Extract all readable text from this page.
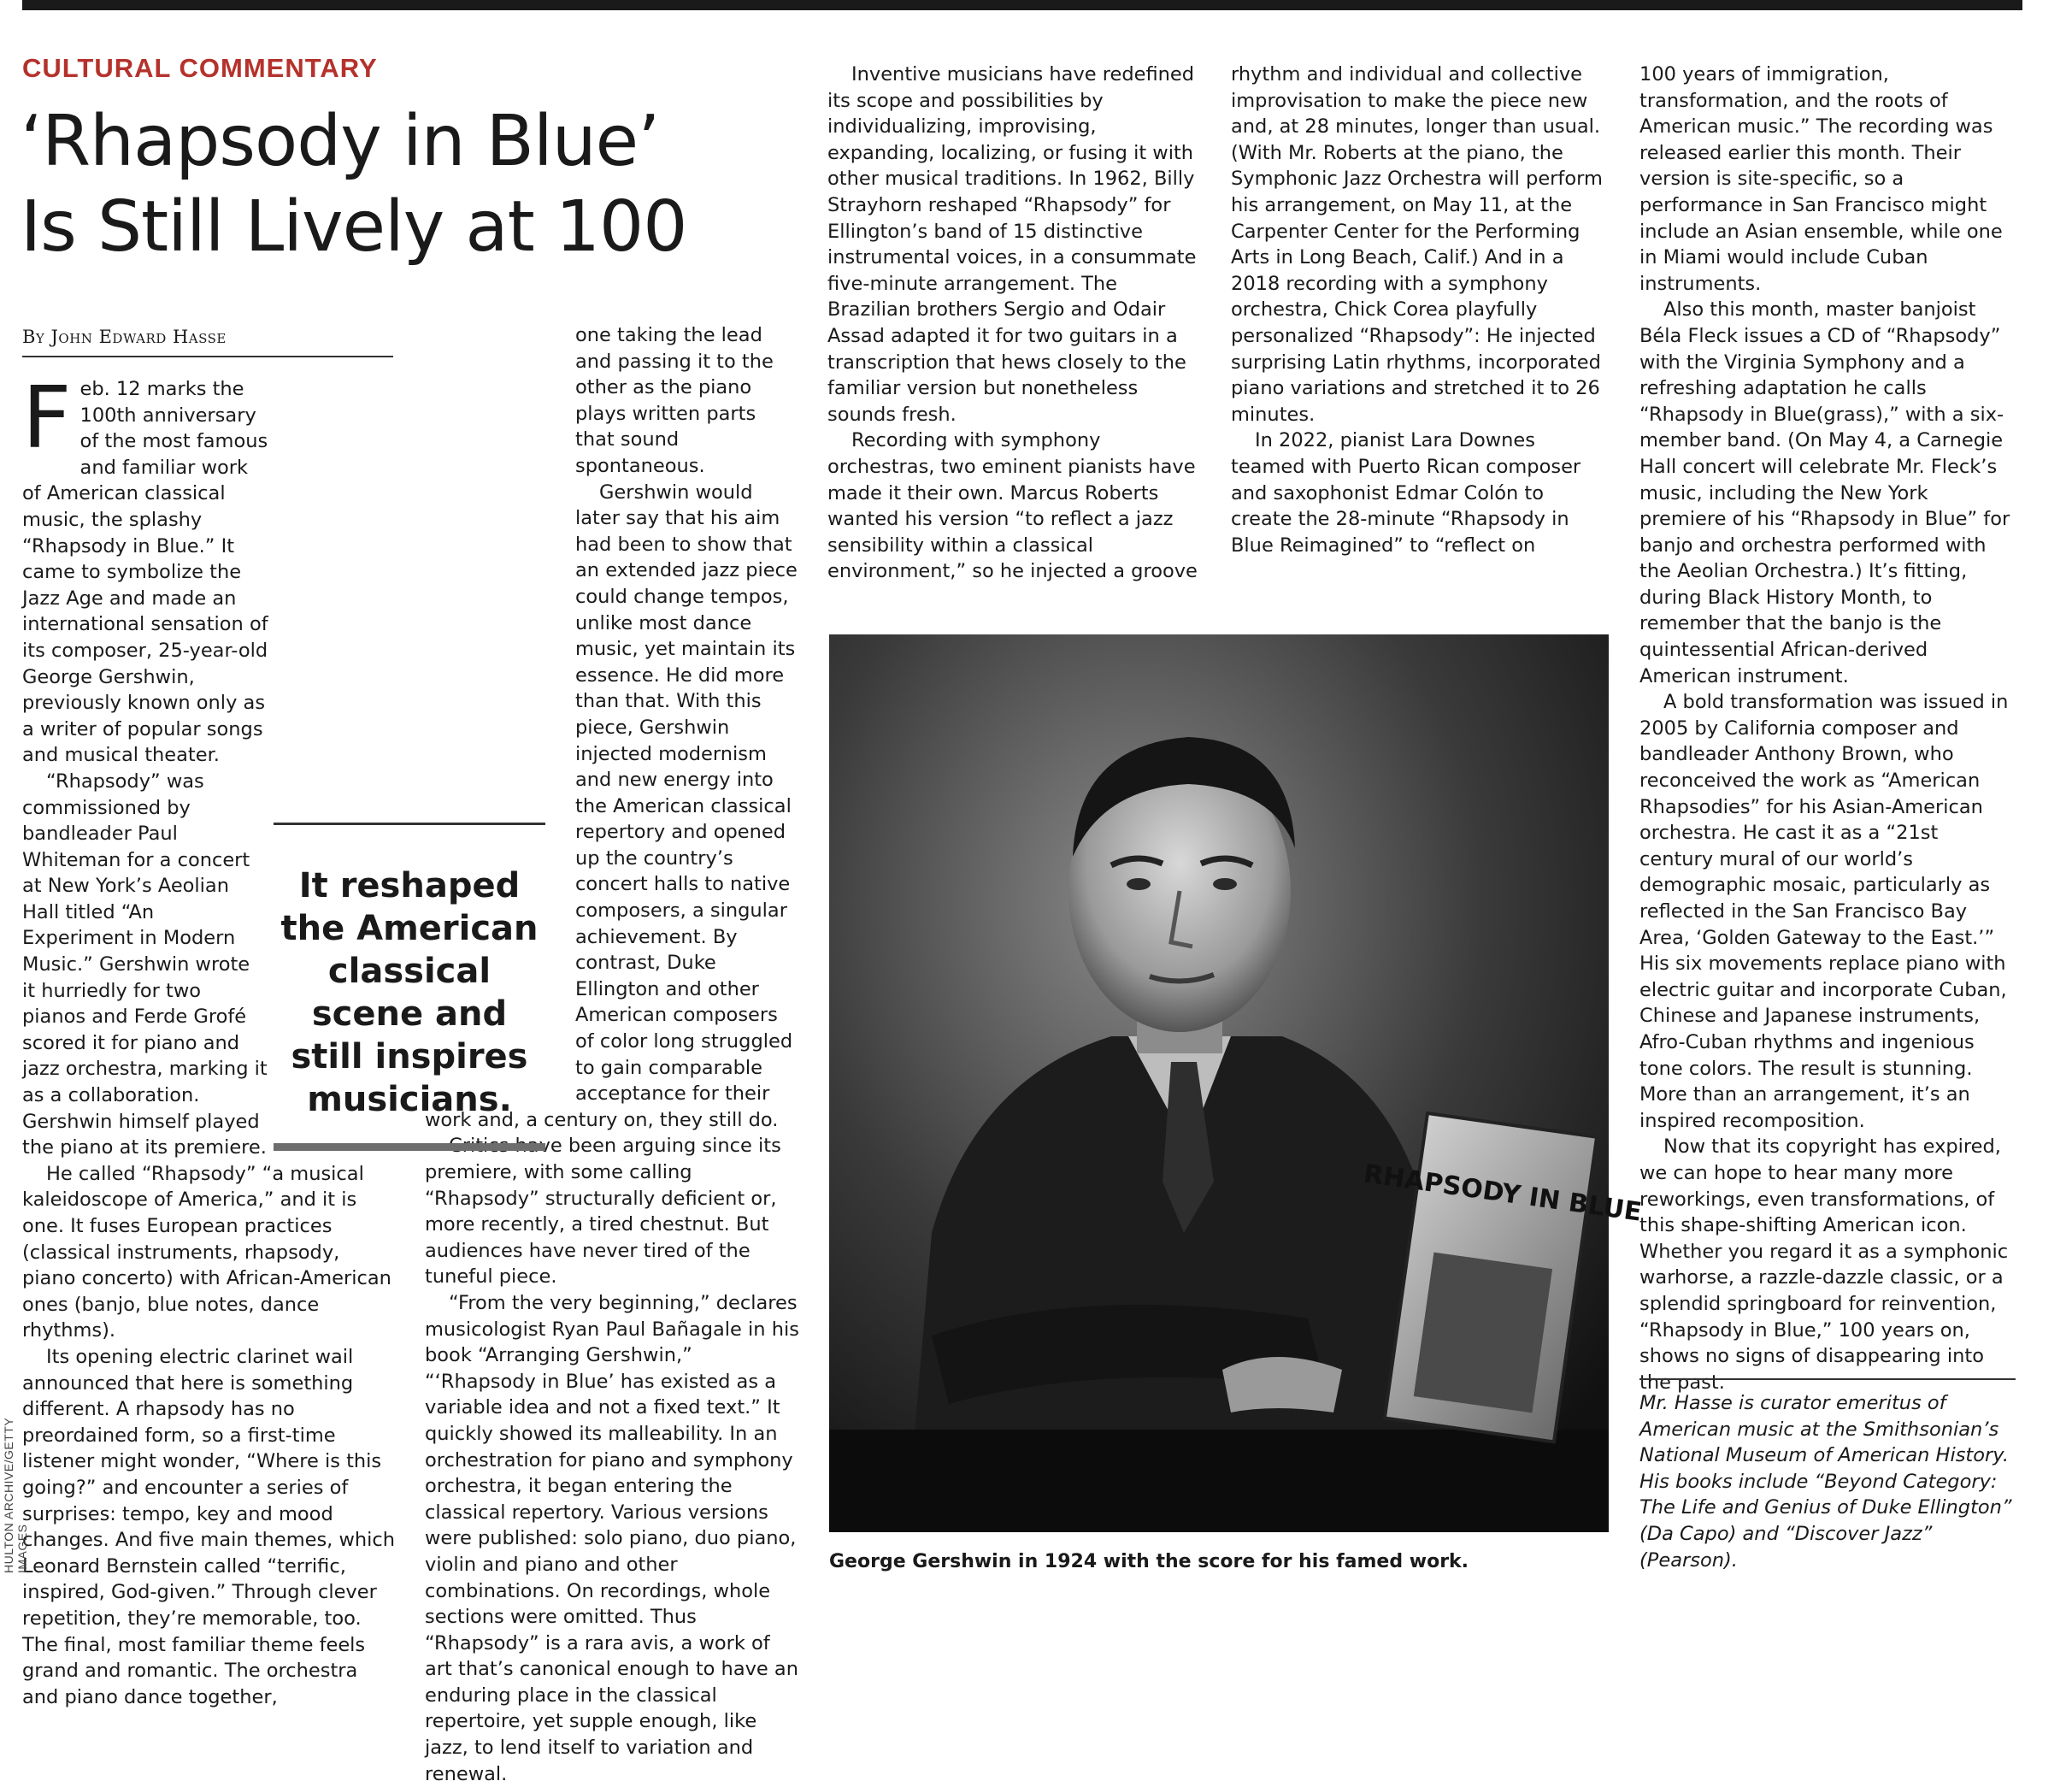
CULTURAL COMMENTARY
‘Rhapsody in Blue’
Is Still Lively at 100
By John Edward Hasse

Feb. 12 marks the 100th anniversary of the most famous and familiar work of American classical music, the splashy “Rhapsody in Blue.” It came to symbolize the Jazz Age and made an international sensation of its composer, 25-year-old George Gershwin, previously known only as a writer of popular songs and musical theater.

“Rhapsody” was commissioned by bandleader Paul Whiteman for a concert at New York’s Aeolian Hall titled “An Experiment in Modern Music.” Gershwin wrote it hurriedly for two pianos and Ferde Grofé scored it for piano and jazz orchestra, marking it as a collaboration. Gershwin himself played the piano at its premiere.

He called “Rhapsody” “a musical kaleidoscope of America,” and it is one. It fuses European practices (classical instruments, rhapsody, piano concerto) with African-American ones (banjo, blue notes, dance rhythms).

Its opening electric clarinet wail announced that here is something different. A rhapsody has no preordained form, so a first-time listener might wonder, “Where is this going?” and encounter a series of surprises: tempo, key and mood changes. And five main themes, which Leonard Bernstein called “terrific, inspired, God-given.” Through clever repetition, they’re memorable, too. The final, most familiar theme feels grand and romantic. The orchestra and piano dance together,

one taking the lead and passing it to the other as the piano plays written parts that sound spontaneous.

Gershwin would later say that his aim had been to show that an extended jazz piece could change tempos, unlike most dance music, yet maintain its essence. He did more than that. With this piece, Gershwin injected modernism and new energy into the American classical repertory and opened up the country’s concert halls to native composers, a singular achievement. By contrast, Duke Ellington and other American composers of color long struggled to gain comparable acceptance for their work and, a century on, they still do.

Critics have been arguing since its premiere, with some calling “Rhapsody” structurally deficient or, more recently, a tired chestnut. But audiences have never tired of the tuneful piece.

“From the very beginning,” declares musicologist Ryan Paul Bañagale in his book “Arranging Gershwin,” “‘Rhapsody in Blue’ has existed as a variable idea and not a fixed text.” It quickly showed its malleability. In an orchestration for piano and symphony orchestra, it began entering the classical repertory. Various versions were published: solo piano, duo piano, violin and piano and other combinations. On recordings, whole sections were omitted. Thus “Rhapsody” is a rara avis, a work of art that’s canonical enough to have an enduring place in the classical repertoire, yet supple enough, like jazz, to lend itself to variation and renewal.

It reshaped the American classical scene and still inspires musicians.

Inventive musicians have redefined its scope and possibilities by individualizing, improvising, expanding, localizing, or fusing it with other musical traditions. In 1962, Billy Strayhorn reshaped “Rhapsody” for Ellington’s band of 15 distinctive instrumental voices, in a consummate five-minute arrangement. The Brazilian brothers Sergio and Odair Assad adapted it for two guitars in a transcription that hews closely to the familiar version but nonetheless sounds fresh.

Recording with symphony orchestras, two eminent pianists have made it their own. Marcus Roberts wanted his version “to reflect a jazz sensibility within a classical environment,” so he injected a groove

rhythm and individual and collective improvisation to make the piece new and, at 28 minutes, longer than usual. (With Mr. Roberts at the piano, the Symphonic Jazz Orchestra will perform his arrangement, on May 11, at the Carpenter Center for the Performing Arts in Long Beach, Calif.) And in a 2018 recording with a symphony orchestra, Chick Corea playfully personalized “Rhapsody”: He injected surprising Latin rhythms, incorporated piano variations and stretched it to 26 minutes.

In 2022, pianist Lara Downes teamed with Puerto Rican composer and saxophonist Edmar Colón to create the 28-minute “Rhapsody in Blue Reimagined” to “reflect on

100 years of immigration, transformation, and the roots of American music.” The recording was released earlier this month. Their version is site-specific, so a performance in San Francisco might include an Asian ensemble, while one in Miami would include Cuban instruments.

Also this month, master banjoist Béla Fleck issues a CD of “Rhapsody” with the Virginia Symphony and a refreshing adaptation he calls “Rhapsody in Blue(grass),” with a six-member band. (On May 4, a Carnegie Hall concert will celebrate Mr. Fleck’s music, including the New York premiere of his “Rhapsody in Blue” for banjo and orchestra performed with the Aeolian Orchestra.) It’s fitting, during Black History Month, to remember that the banjo is the quintessential African-derived American instrument.

A bold transformation was issued in 2005 by California composer and bandleader Anthony Brown, who reconceived the work as “American Rhapsodies” for his Asian-American orchestra. He cast it as a “21st century mural of our world’s demographic mosaic, particularly as reflected in the San Francisco Bay Area, ‘Golden Gateway to the East.’” His six movements replace piano with electric guitar and incorporate Cuban, Chinese and Japanese instruments, Afro-Cuban rhythms and ingenious tone colors. The result is stunning. More than an arrangement, it’s an inspired recomposition.

Now that its copyright has expired, we can hope to hear many more reworkings, even transformations, of this shape-shifting American icon. Whether you regard it as a symphonic warhorse, a razzle-dazzle classic, or a splendid springboard for reinvention, “Rhapsody in Blue,” 100 years on, shows no signs of disappearing into the past.

RHAPSODY IN BLUE
George Gershwin in 1924 with the score for his famed work.
HULTON ARCHIVE/GETTY IMAGES
Mr. Hasse is curator emeritus of American music at the Smithsonian’s National Museum of American History. His books include “Beyond Category: The Life and Genius of Duke Ellington” (Da Capo) and “Discover Jazz” (Pearson).
